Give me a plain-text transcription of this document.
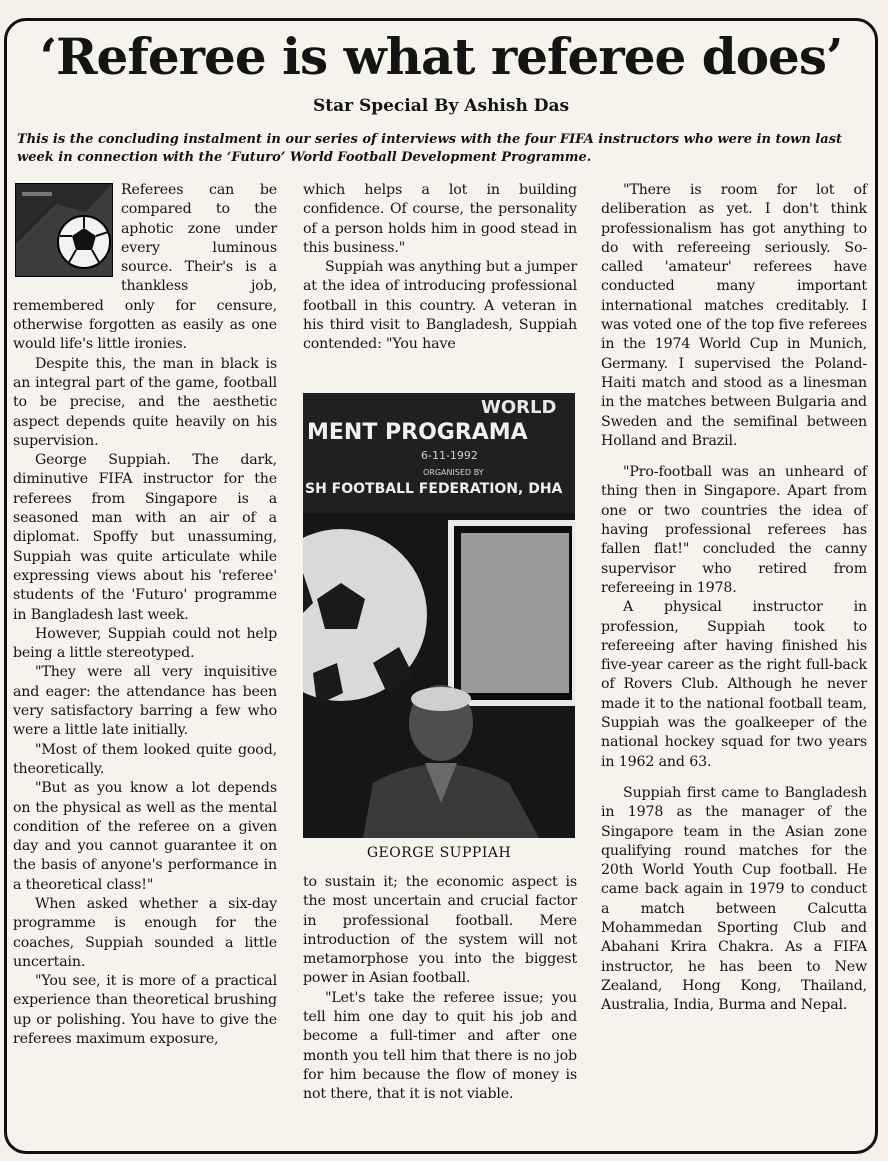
‘Referee is what referee does’
Star Special By Ashish Das
This is the concluding instalment in our series of interviews with the four FIFA instructors who were in town last week in connection with the ‘Futuro’ World Football Development Programme.

Referees can be compared to the aphotic zone under every luminous source. Their's is a thankless job, remembered only for censure, otherwise forgotten as easily as one would life's little ironies.

Despite this, the man in black is an integral part of the game, football to be precise, and the aesthetic aspect depends quite heavily on his supervision.

George Suppiah. The dark, diminutive FIFA instructor for the referees from Singapore is a seasoned man with an air of a diplomat. Spoffy but unassuming, Suppiah was quite articulate while expressing views about his 'referee' students of the 'Futuro' programme in Bangladesh last week.

However, Suppiah could not help being a little stereotyped.

"They were all very inquisitive and eager: the attendance has been very satisfactory barring a few who were a little late initially.

"Most of them looked quite good, theoretically.

"But as you know a lot depends on the physical as well as the mental condition of the referee on a given day and you cannot guarantee it on the basis of anyone's performance in a theoretical class!"

When asked whether a six-day programme is enough for the coaches, Suppiah sounded a little uncertain.

"You see, it is more of a practical experience than theoretical brushing up or polishing. You have to give the referees maximum exposure,

which helps a lot in building confidence. Of course, the personality of a person holds him in good stead in this business."

Suppiah was anything but a jumper at the idea of introducing professional football in this country. A veteran in his third visit to Bangladesh, Suppiah contended: "You have

WORLD
MENT PROGRAMA
6-11-1992
ORGANISED BY
SH FOOTBALL FEDERATION, DHA
GEORGE SUPPIAH

to sustain it; the economic aspect is the most uncertain and crucial factor in professional football. Mere introduction of the system will not metamorphose you into the biggest power in Asian football.

"Let's take the referee issue; you tell him one day to quit his job and become a full-timer and after one month you tell him that there is no job for him because the flow of money is not there, that it is not viable.

"There is room for lot of deliberation as yet. I don't think professionalism has got anything to do with refereeing seriously. So-called 'amateur' referees have conducted many important international matches creditably. I was voted one of the top five referees in the 1974 World Cup in Munich, Germany. I supervised the Poland-Haiti match and stood as a linesman in the matches between Bulgaria and Sweden and the semifinal between Holland and Brazil.

"Pro-football was an unheard of thing then in Singapore. Apart from one or two countries the idea of having professional referees has fallen flat!" concluded the canny supervisor who retired from refereeing in 1978.

A physical instructor in profession, Suppiah took to refereeing after having finished his five-year career as the right full-back of Rovers Club. Although he never made it to the national football team, Suppiah was the goalkeeper of the national hockey squad for two years in 1962 and 63.

Suppiah first came to Bangladesh in 1978 as the manager of the Singapore team in the Asian zone qualifying round matches for the 20th World Youth Cup football. He came back again in 1979 to conduct a match between Calcutta Mohammedan Sporting Club and Abahani Krira Chakra. As a FIFA instructor, he has been to New Zealand, Hong Kong, Thailand, Australia, India, Burma and Nepal.
